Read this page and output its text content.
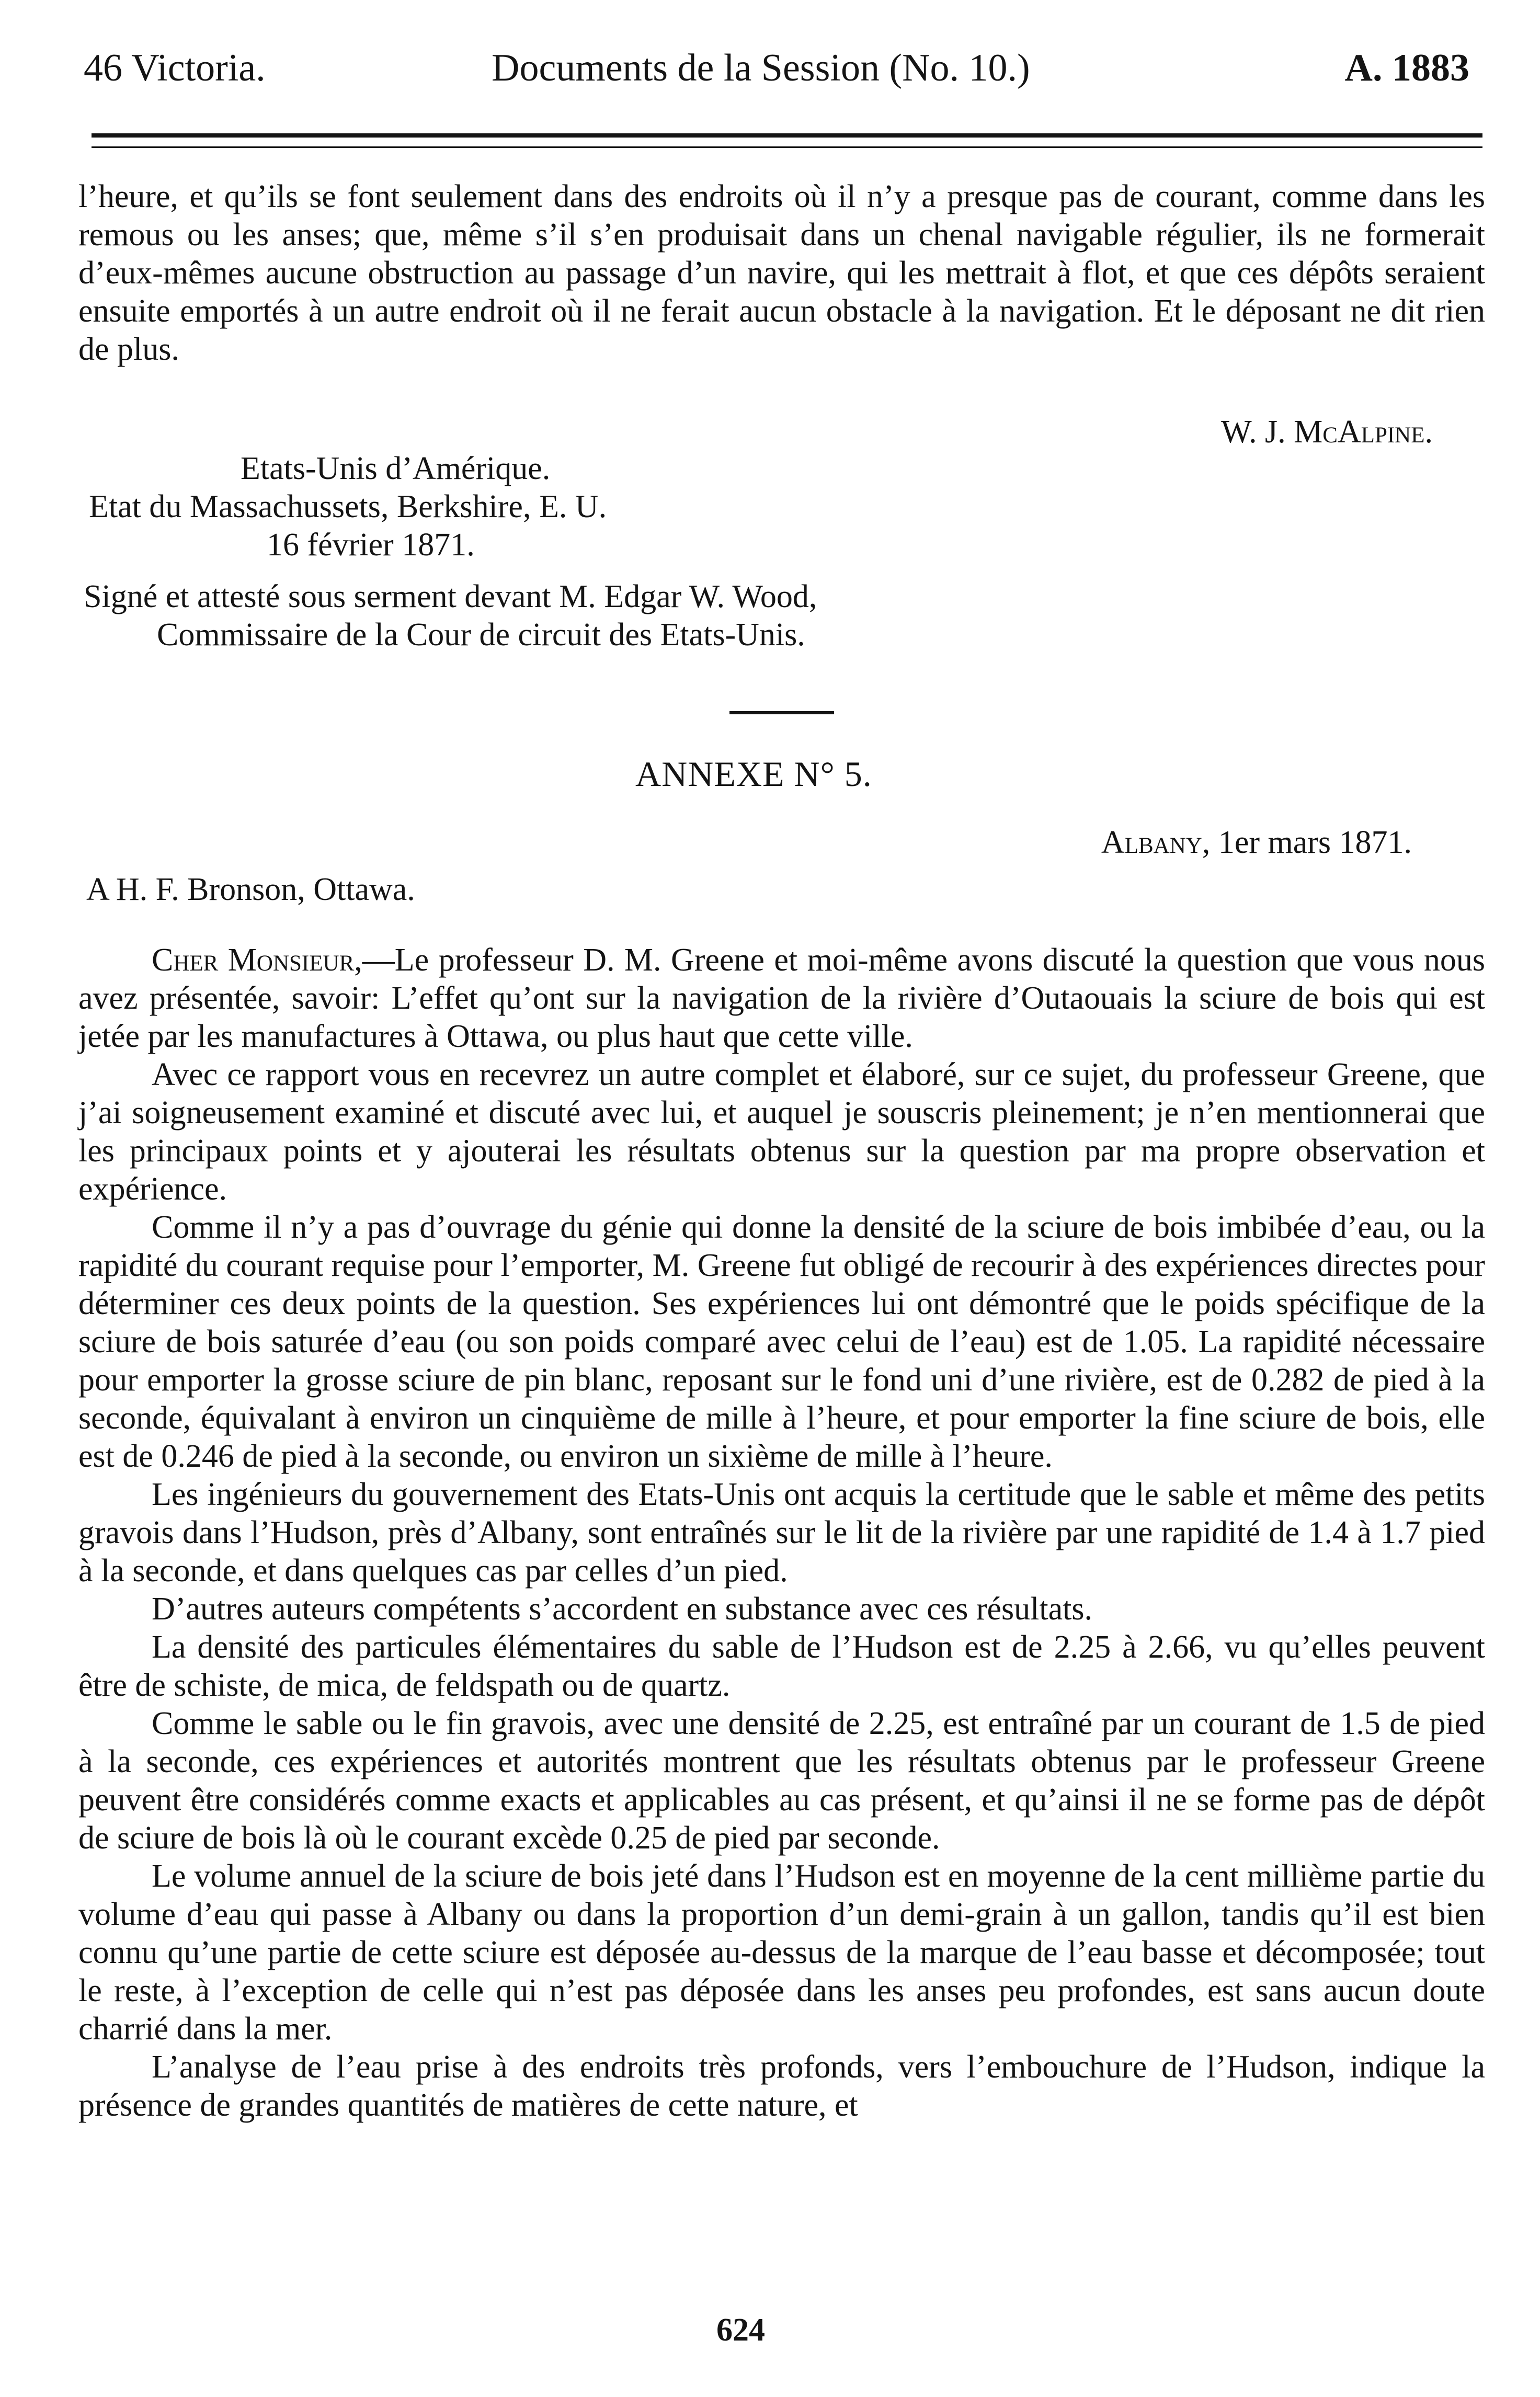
46 Victoria.	Documents de la Session (No. 10.)	A. 1883

l’heure, et qu’ils se font seulement dans des endroits où il n’y a presque pas de courant, comme dans les remous ou les anses; que, même s’il s’en produisait dans un chenal navigable régulier, ils ne formerait d’eux-mêmes aucune obstruction au passage d’un navire, qui les mettrait à flot, et que ces dépôts seraient ensuite emportés à un autre endroit où il ne ferait aucun obstacle à la navigation. Et le déposant ne dit rien de plus.

W. J. McAlpine.
Etats-Unis d’Amérique.
Etat du Massachussets, Berkshire, E. U.
16 février 1871.
Signé et attesté sous serment devant M. Edgar W. Wood,
Commissaire de la Cour de circuit des Etats-Unis.
ANNEXE N° 5.
Albany, 1er mars 1871.
A H. F. Bronson, Ottawa.

Cher Monsieur,—Le professeur D. M. Greene et moi-même avons discuté la question que vous nous avez présentée, savoir: L’effet qu’ont sur la navigation de la rivière d’Outaouais la sciure de bois qui est jetée par les manufactures à Ottawa, ou plus haut que cette ville.

Avec ce rapport vous en recevrez un autre complet et élaboré, sur ce sujet, du professeur Greene, que j’ai soigneusement examiné et discuté avec lui, et auquel je souscris pleinement; je n’en mentionnerai que les principaux points et y ajouterai les résultats obtenus sur la question par ma propre observation et expérience.

Comme il n’y a pas d’ouvrage du génie qui donne la densité de la sciure de bois imbibée d’eau, ou la rapidité du courant requise pour l’emporter, M. Greene fut obligé de recourir à des expériences directes pour déterminer ces deux points de la question. Ses expériences lui ont démontré que le poids spécifique de la sciure de bois saturée d’eau (ou son poids comparé avec celui de l’eau) est de 1.05. La rapidité nécessaire pour emporter la grosse sciure de pin blanc, reposant sur le fond uni d’une rivière, est de 0.282 de pied à la seconde, équivalant à environ un cinquième de mille à l’heure, et pour emporter la fine sciure de bois, elle est de 0.246 de pied à la seconde, ou environ un sixième de mille à l’heure.

Les ingénieurs du gouvernement des Etats-Unis ont acquis la certitude que le sable et même des petits gravois dans l’Hudson, près d’Albany, sont entraînés sur le lit de la rivière par une rapidité de 1.4 à 1.7 pied à la seconde, et dans quelques cas par celles d’un pied.

D’autres auteurs compétents s’accordent en substance avec ces résultats.

La densité des particules élémentaires du sable de l’Hudson est de 2.25 à 2.66, vu qu’elles peuvent être de schiste, de mica, de feldspath ou de quartz.

Comme le sable ou le fin gravois, avec une densité de 2.25, est entraîné par un courant de 1.5 de pied à la seconde, ces expériences et autorités montrent que les résultats obtenus par le professeur Greene peuvent être considérés comme exacts et applicables au cas présent, et qu’ainsi il ne se forme pas de dépôt de sciure de bois là où le courant excède 0.25 de pied par seconde.

Le volume annuel de la sciure de bois jeté dans l’Hudson est en moyenne de la cent millième partie du volume d’eau qui passe à Albany ou dans la proportion d’un demi-grain à un gallon, tandis qu’il est bien connu qu’une partie de cette sciure est déposée au-dessus de la marque de l’eau basse et décomposée; tout le reste, à l’exception de celle qui n’est pas déposée dans les anses peu profondes, est sans aucun doute charrié dans la mer.

L’analyse de l’eau prise à des endroits très profonds, vers l’embouchure de l’Hudson, indique la présence de grandes quantités de matières de cette nature, et

624
